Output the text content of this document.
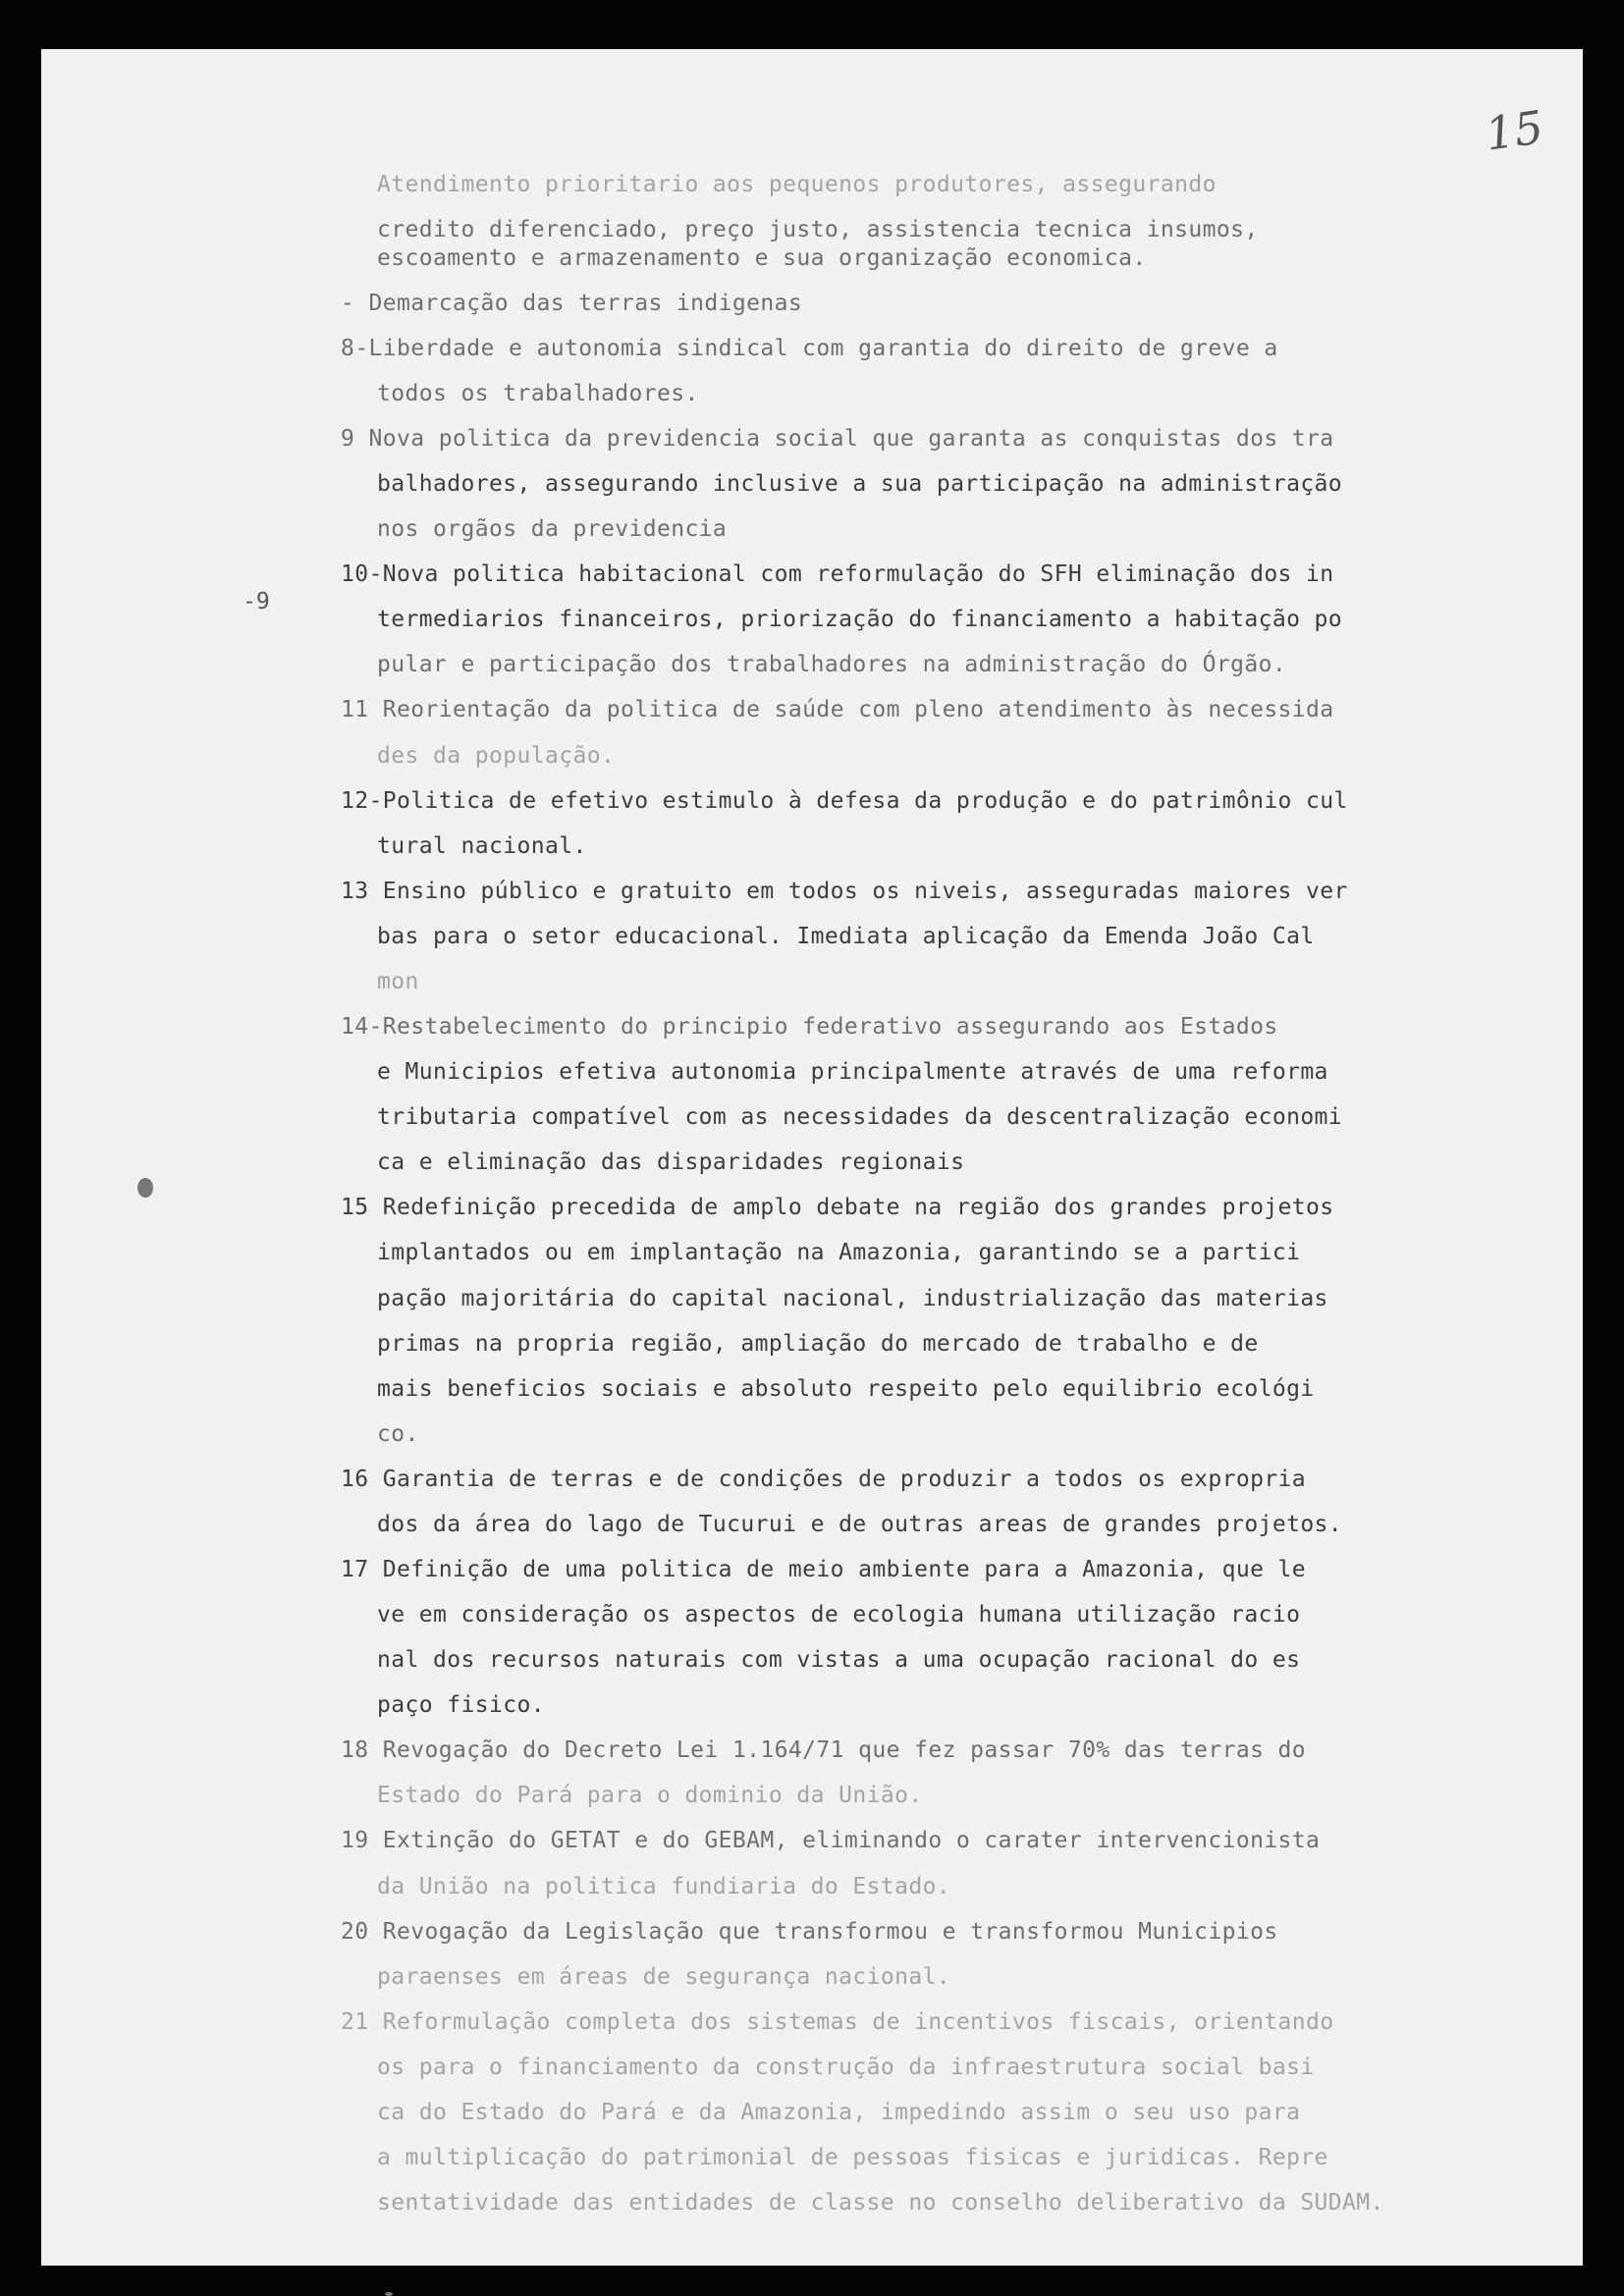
15
-9
Atendimento prioritario aos pequenos produtores, assegurando
credito diferenciado, preço justo, assistencia tecnica insumos,
escoamento e armazenamento e sua organização economica.
- Demarcação das terras indigenas
8-Liberdade e autonomia sindical com garantia do direito de greve a
todos os trabalhadores.
9 Nova politica da previdencia social que garanta as conquistas dos tra
balhadores, assegurando inclusive a sua participação na administração
nos orgãos da previdencia
10-Nova politica habitacional com reformulação do SFH eliminação dos in
termediarios financeiros, priorização do financiamento a habitação po
pular e participação dos trabalhadores na administração do Órgão.
11 Reorientação da politica de saúde com pleno atendimento às necessida
des da população.
12-Politica de efetivo estimulo à defesa da produção e do patrimônio cul
tural nacional.
13 Ensino público e gratuito em todos os niveis, asseguradas maiores ver
bas para o setor educacional. Imediata aplicação da Emenda João Cal
mon
14-Restabelecimento do principio federativo assegurando aos Estados
e Municipios efetiva autonomia principalmente através de uma reforma
tributaria compatível com as necessidades da descentralização economi
ca e eliminação das disparidades regionais
15 Redefinição precedida de amplo debate na região dos grandes projetos
implantados ou em implantação na Amazonia, garantindo se a partici
pação majoritária do capital nacional, industrialização das materias
primas na propria região, ampliação do mercado de trabalho e de
mais beneficios sociais e absoluto respeito pelo equilibrio ecológi
co.
16 Garantia de terras e de condições de produzir a todos os expropria
dos da área do lago de Tucurui e de outras areas de grandes projetos.
17 Definição de uma politica de meio ambiente para a Amazonia, que le
ve em consideração os aspectos de ecologia humana utilização racio
nal dos recursos naturais com vistas a uma ocupação racional do es
paço fisico.
18 Revogação do Decreto Lei 1.164/71 que fez passar 70% das terras do
Estado do Pará para o dominio da União.
19 Extinção do GETAT e do GEBAM, eliminando o carater intervencionista
da União na politica fundiaria do Estado.
20 Revogação da Legislação que transformou e transformou Municipios
paraenses em áreas de segurança nacional.
21 Reformulação completa dos sistemas de incentivos fiscais, orientando
os para o financiamento da construção da infraestrutura social basi
ca do Estado do Pará e da Amazonia, impedindo assim o seu uso para
a multiplicação do patrimonial de pessoas fisicas e juridicas. Repre
sentatividade das entidades de classe no conselho deliberativo da SUDAM.
